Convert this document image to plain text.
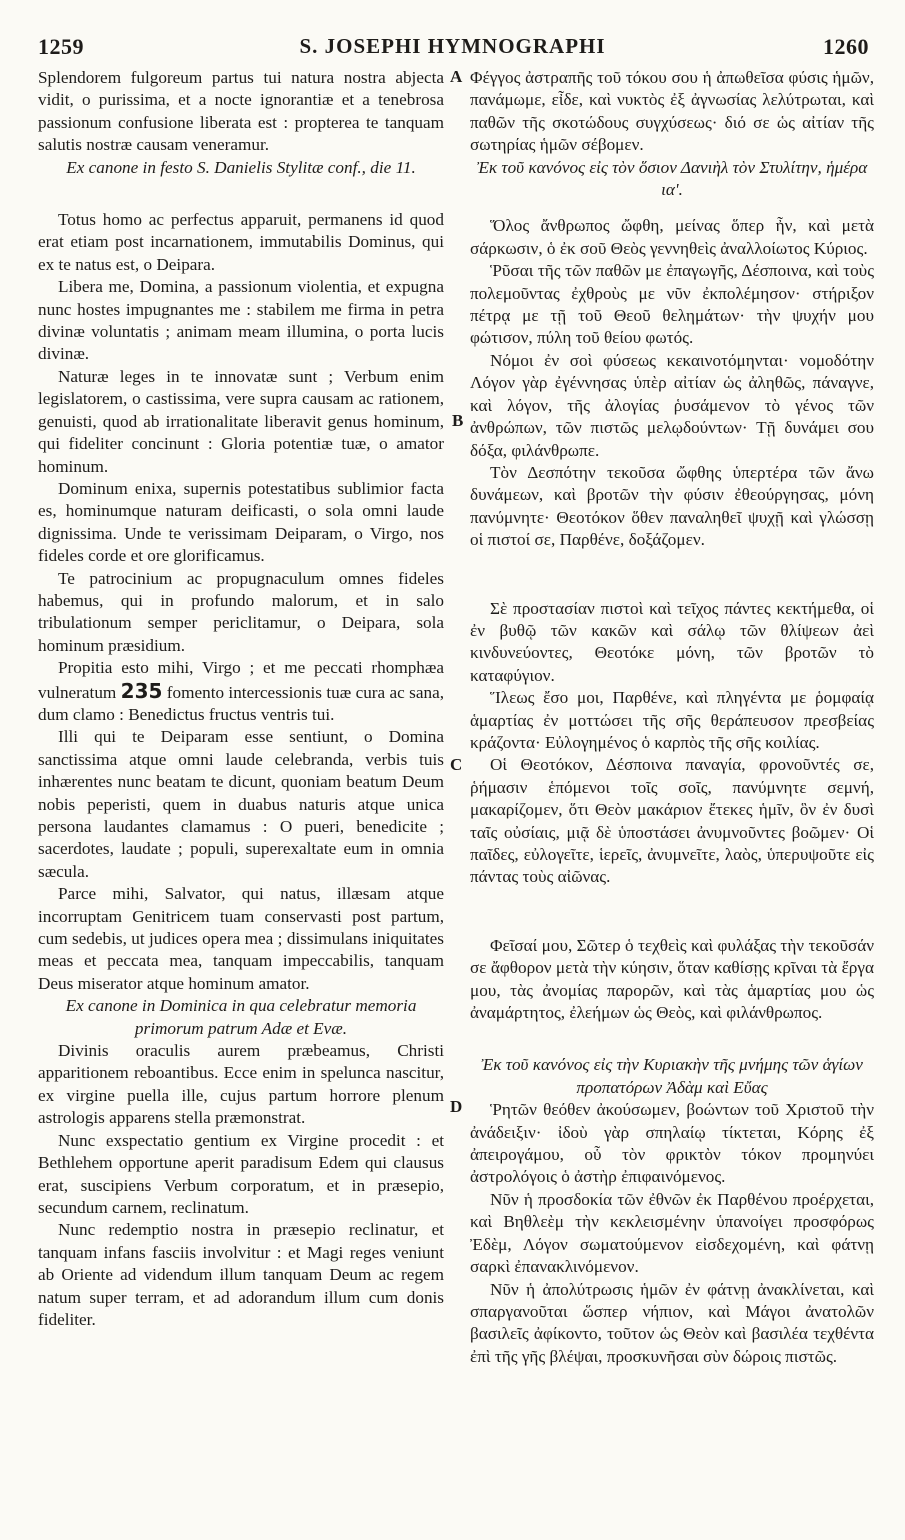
1259	S. JOSEPHI HYMNOGRAPHI	1260
A
B
C
D

Splendorem fulgoreum partus tui natura nostra abjecta vidit, o purissima, et a nocte ignorantiæ et a tenebrosa passionum confusione liberata est : propterea te tanquam salutis nostræ causam veneramur.

Ex canone in festo S. Danielis Stylitæ conf., die 11.

Totus homo ac perfectus apparuit, permanens id quod erat etiam post incarnationem, immutabilis Dominus, qui ex te natus est, o Deipara.

Libera me, Domina, a passionum violentia, et expugna nunc hostes impugnantes me : stabilem me firma in petra divinæ voluntatis ; animam meam illumina, o porta lucis divinæ.

Naturæ leges in te innovatæ sunt ; Verbum enim legislatorem, o castissima, vere supra causam ac rationem, genuisti, quod ab irrationalitate liberavit genus hominum, qui fideliter concinunt : Gloria potentiæ tuæ, o amator hominum.

Dominum enixa, supernis potestatibus sublimior facta es, hominumque naturam deificasti, o sola omni laude dignissima. Unde te verissimam Deiparam, o Virgo, nos fideles corde et ore glorificamus.

Te patrocinium ac propugnaculum omnes fideles habemus, qui in profundo malorum, et in salo tribulationum semper periclitamur, o Deipara, sola hominum præsidium.

Propitia esto mihi, Virgo ; et me peccati rhomphæa vulneratum 235 fomento intercessionis tuæ cura ac sana, dum clamo : Benedictus fructus ventris tui.

Illi qui te Deiparam esse sentiunt, o Domina sanctissima atque omni laude celebranda, verbis tuis inhærentes nunc beatam te dicunt, quoniam beatum Deum nobis peperisti, quem in duabus naturis atque unica persona laudantes clamamus : O pueri, benedicite ; sacerdotes, laudate ; populi, superexaltate eum in omnia sæcula.

Parce mihi, Salvator, qui natus, illæsam atque incorruptam Genitricem tuam conservasti post partum, cum sedebis, ut judices opera mea ; dissimulans iniquitates meas et peccata mea, tanquam impeccabilis, tanquam Deus miserator atque hominum amator.

Ex canone in Dominica in qua celebratur memoria primorum patrum Adæ et Evæ.

Divinis oraculis aurem præbeamus, Christi apparitionem reboantibus. Ecce enim in spelunca nascitur, ex virgine puella ille, cujus partum horrore plenum astrologis apparens stella præmonstrat.

Nunc exspectatio gentium ex Virgine procedit : et Bethlehem opportune aperit paradisum Edem qui clausus erat, suscipiens Verbum corporatum, et in præsepio, secundum carnem, reclinatum.

Nunc redemptio nostra in præsepio reclinatur, et tanquam infans fasciis involvitur : et Magi reges veniunt ab Oriente ad videndum illum tanquam Deum ac regem natum super terram, et ad adorandum illum cum donis fideliter.

Φέγγος ἀστραπῆς τοῦ τόκου σου ἡ ἀπωθεῖσα φύσις ἡμῶν, πανάμωμε, εἶδε, καὶ νυκτὸς ἐξ ἀγνωσίας λελύτρωται, καὶ παθῶν τῆς σκοτώδους συγχύσεως· διό σε ὡς αἰτίαν τῆς σωτηρίας ἡμῶν σέβομεν.

Ἐκ τοῦ κανόνος εἰς τὸν ὅσιον Δανιὴλ τὸν Στυλίτην, ἡμέρα ια'.

Ὅλος ἄνθρωπος ὤφθη, μείνας ὅπερ ἦν, καὶ μετὰ σάρκωσιν, ὁ ἐκ σοῦ Θεὸς γεννηθεὶς ἀναλλοίωτος Κύριος.

Ῥῦσαι τῆς τῶν παθῶν με ἐπαγωγῆς, Δέσποινα, καὶ τοὺς πολεμοῦντας ἐχθροὺς με νῦν ἐκπολέμησον· στήριξον πέτρᾳ με τῇ τοῦ Θεοῦ θελημάτων· τὴν ψυχήν μου φώτισον, πύλη τοῦ θείου φωτός.

Νόμοι ἐν σοὶ φύσεως κεκαινοτόμηνται· νομοδότην Λόγον γὰρ ἐγέννησας ὑπὲρ αἰτίαν ὡς ἀληθῶς, πάναγνε, καὶ λόγον, τῆς ἀλογίας ῥυσάμενον τὸ γένος τῶν ἀνθρώπων, τῶν πιστῶς μελῳδούντων· Τῇ δυνάμει σου δόξα, φιλάνθρωπε.

Τὸν Δεσπότην τεκοῦσα ὤφθης ὑπερτέρα τῶν ἄνω δυνάμεων, καὶ βροτῶν τὴν φύσιν ἐθεούργησας, μόνη πανύμνητε· Θεοτόκον ὅθεν παναληθεῖ ψυχῇ καὶ γλώσσῃ οἱ πιστοί σε, Παρθένε, δοξάζομεν.

Σὲ προστασίαν πιστοὶ καὶ τεῖχος πάντες κεκτήμεθα, οἱ ἐν βυθῷ τῶν κακῶν καὶ σάλῳ τῶν θλίψεων ἀεὶ κινδυνεύοντες, Θεοτόκε μόνη, τῶν βροτῶν τὸ καταφύγιον.

Ἵλεως ἔσο μοι, Παρθένε, καὶ πληγέντα με ῥομφαίᾳ ἁμαρτίας ἐν μοττώσει τῆς σῆς θεράπευσον πρεσβείας κράζοντα· Εὐλογημένος ὁ καρπὸς τῆς σῆς κοιλίας.

Οἱ Θεοτόκον, Δέσποινα παναγία, φρονοῦντές σε, ῥήμασιν ἑπόμενοι τοῖς σοῖς, πανύμνητε σεμνή, μακαρίζομεν, ὅτι Θεὸν μακάριον ἔτεκες ἡμῖν, ὃν ἐν δυσὶ ταῖς οὐσίαις, μιᾷ δὲ ὑποστάσει ἀνυμνοῦντες βοῶμεν· Οἱ παῖδες, εὐλογεῖτε, ἱερεῖς, ἀνυμνεῖτε, λαὸς, ὑπερυψοῦτε εἰς πάντας τοὺς αἰῶνας.

Φεῖσαί μου, Σῶτερ ὁ τεχθεὶς καὶ φυλάξας τὴν τεκοῦσάν σε ἄφθορον μετὰ τὴν κύησιν, ὅταν καθίσῃς κρῖναι τὰ ἔργα μου, τὰς ἀνομίας παρορῶν, καὶ τὰς ἁμαρτίας μου ὡς ἀναμάρτητος, ἐλεήμων ὡς Θεὸς, καὶ φιλάνθρωπος.

Ἐκ τοῦ κανόνος εἰς τὴν Κυριακὴν τῆς μνήμης τῶν ἁγίων προπατόρων Ἀδὰμ καὶ Εὔας

Ῥητῶν θεόθεν ἀκούσωμεν, βοώντων τοῦ Χριστοῦ τὴν ἀνάδειξιν· ἰδοὺ γὰρ σπηλαίῳ τίκτεται, Κόρης ἐξ ἀπειρογάμου, οὗ τὸν φρικτὸν τόκον προμηνύει ἀστρολόγοις ὁ ἀστὴρ ἐπιφαινόμενος.

Νῦν ἡ προσδοκία τῶν ἐθνῶν ἐκ Παρθένου προέρχεται, καὶ Βηθλεὲμ τὴν κεκλεισμένην ὑπανοίγει προσφόρως Ἐδὲμ, Λόγον σωματούμενον εἰσδεχομένη, καὶ φάτνῃ σαρκὶ ἐπανακλινόμενον.

Νῦν ἡ ἀπολύτρωσις ἡμῶν ἐν φάτνῃ ἀνακλίνεται, καὶ σπαργανοῦται ὥσπερ νήπιον, καὶ Μάγοι ἀνατολῶν βασιλεῖς ἀφίκοντο, τοῦτον ὡς Θεὸν καὶ βασιλέα τεχθέντα ἐπὶ τῆς γῆς βλέψαι, προσκυνῆσαι σὺν δώροις πιστῶς.
